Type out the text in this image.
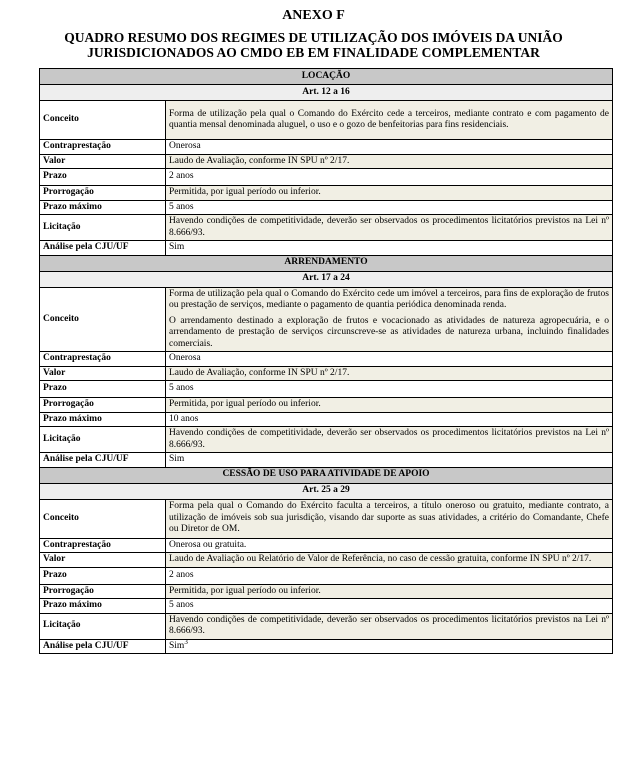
ANEXO F
QUADRO RESUMO DOS REGIMES DE UTILIZAÇÃO DOS IMÓVEIS DA UNIÃO JURISDICIONADOS AO CMDO EB EM FINALIDADE COMPLEMENTAR
LOCAÇÃO	
Art. 12 a 16	
Conceito	Forma de utilização pela qual o Comando do Exército cede a terceiros, mediante contrato e com pagamento de quantia mensal denominada aluguel, o uso e o gozo de benfeitorias para fins residenciais.

Contraprestação	Onerosa
Valor	Laudo de Avaliação, conforme IN SPU nº 2/17.
Prazo	2 anos
Prorrogação	Permitida, por igual período ou inferior.
Prazo máximo	5 anos
Licitação	Havendo condições de competitividade, deverão ser observados os procedimentos licitatórios previstos na Lei nº 8.666/93.
Análise pela CJU/UF	Sim
ARRENDAMENTO	
Art. 17 a 24	
Conceito	Forma de utilização pela qual o Comando do Exército cede um imóvel a terceiros, para fins de exploração de frutos ou prestação de serviços, mediante o pagamento de quantia periódica denominada renda.

O arrendamento destinado a exploração de frutos e vocacionado as atividades de natureza agropecuária, e o arrendamento de prestação de serviços circunscreve-se as atividades de natureza urbana, incluindo finalidades comerciais.

Contraprestação	Onerosa
Valor	Laudo de Avaliação, conforme IN SPU nº 2/17.
Prazo	5 anos
Prorrogação	Permitida, por igual período ou inferior.
Prazo máximo	10 anos
Licitação	Havendo condições de competitividade, deverão ser observados os procedimentos licitatórios previstos na Lei nº 8.666/93.
Análise pela CJU/UF	Sim
CESSÃO DE USO PARA ATIVIDADE DE APOIO	
Art. 25 a 29	
Conceito	Forma pela qual o Comando do Exército faculta a terceiros, a título oneroso ou gratuito, mediante contrato, a utilização de imóveis sob sua jurisdição, visando dar suporte as suas atividades, a critério do Comandante, Chefe ou Diretor de OM.

Contraprestação	Onerosa ou gratuita.
Valor	Laudo de Avaliação ou Relatório de Valor de Referência, no caso de cessão gratuita, conforme IN SPU nº 2/17.
Prazo	2 anos
Prorrogação	Permitida, por igual período ou inferior.
Prazo máximo	5 anos
Licitação	Havendo condições de competitividade, deverão ser observados os procedimentos licitatórios previstos na Lei nº 8.666/93.
Análise pela CJU/UF	Sim$^3$
